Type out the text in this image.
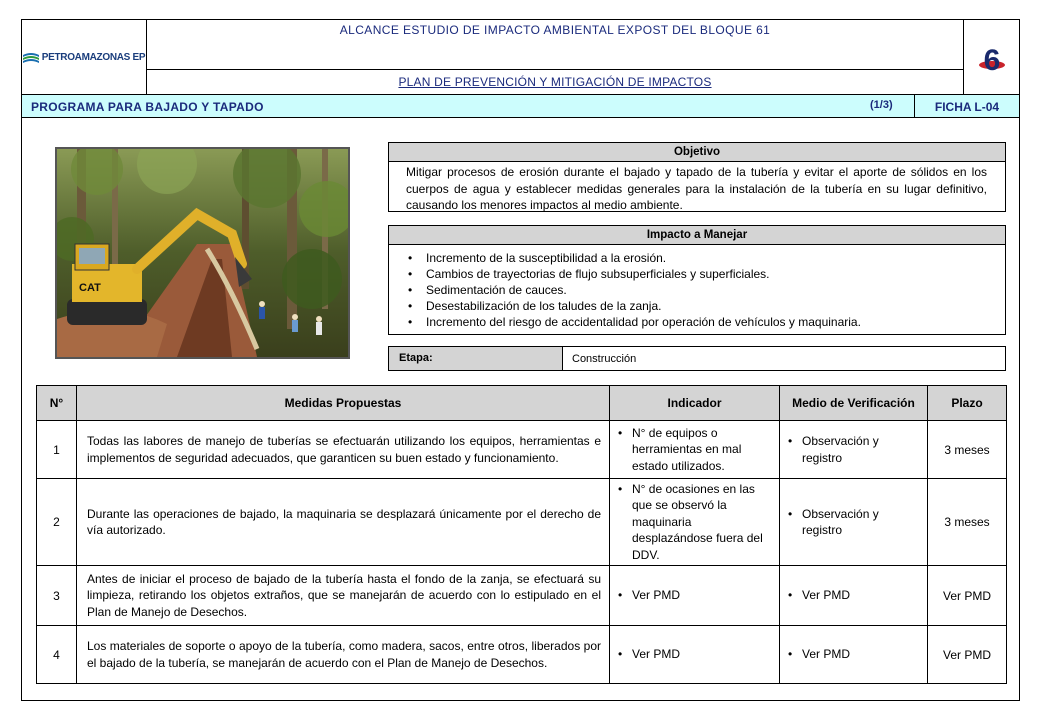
PETROAMAZONAS EP
ALCANCE ESTUDIO DE IMPACTO AMBIENTAL EXPOST DEL BLOQUE 61
PLAN DE PREVENCIÓN Y MITIGACIÓN DE IMPACTOS
6
PROGRAMA PARA BAJADO Y TAPADO	(1/3)	FICHA L-04
CAT
Objetivo
Mitigar procesos de erosión durante el bajado y tapado de la tubería y evitar el aporte de sólidos en los cuerpos de agua y establecer medidas generales para la instalación de la tubería en su lugar definitivo, causando los menores impactos al medio ambiente.
Impacto a Manejar
• Incremento de la susceptibilidad a la erosión.
• Cambios de trayectorias de flujo subsuperficiales y superficiales.
• Sedimentación de cauces.
• Desestabilización de los taludes de la zanja.
• Incremento del riesgo de accidentalidad por operación de vehículos y maquinaria.
Etapa:	Construcción
N°	Medidas Propuestas	Indicador	Medio de Verificación	Plazo
1	Todas las labores de manejo de tuberías se efectuarán utilizando los equipos, herramientas e implementos de seguridad adecuados, que garanticen su buen estado y funcionamiento.	• N° de equipos o herramientas en mal estado utilizados.	• Observación y registro	3 meses
2	Durante las operaciones de bajado, la maquinaria se desplazará únicamente por el derecho de vía autorizado.	• N° de ocasiones en las que se observó la maquinaria desplazándose fuera del DDV.	• Observación y registro	3 meses
3	Antes de iniciar el proceso de bajado de la tubería hasta el fondo de la zanja, se efectuará su limpieza, retirando los objetos extraños, que se manejarán de acuerdo con lo estipulado en el Plan de Manejo de Desechos.	• Ver PMD	• Ver PMD	Ver PMD
4	Los materiales de soporte o apoyo de la tubería, como madera, sacos, entre otros, liberados por el bajado de la tubería, se manejarán de acuerdo con el Plan de Manejo de Desechos.	• Ver PMD	• Ver PMD	Ver PMD
